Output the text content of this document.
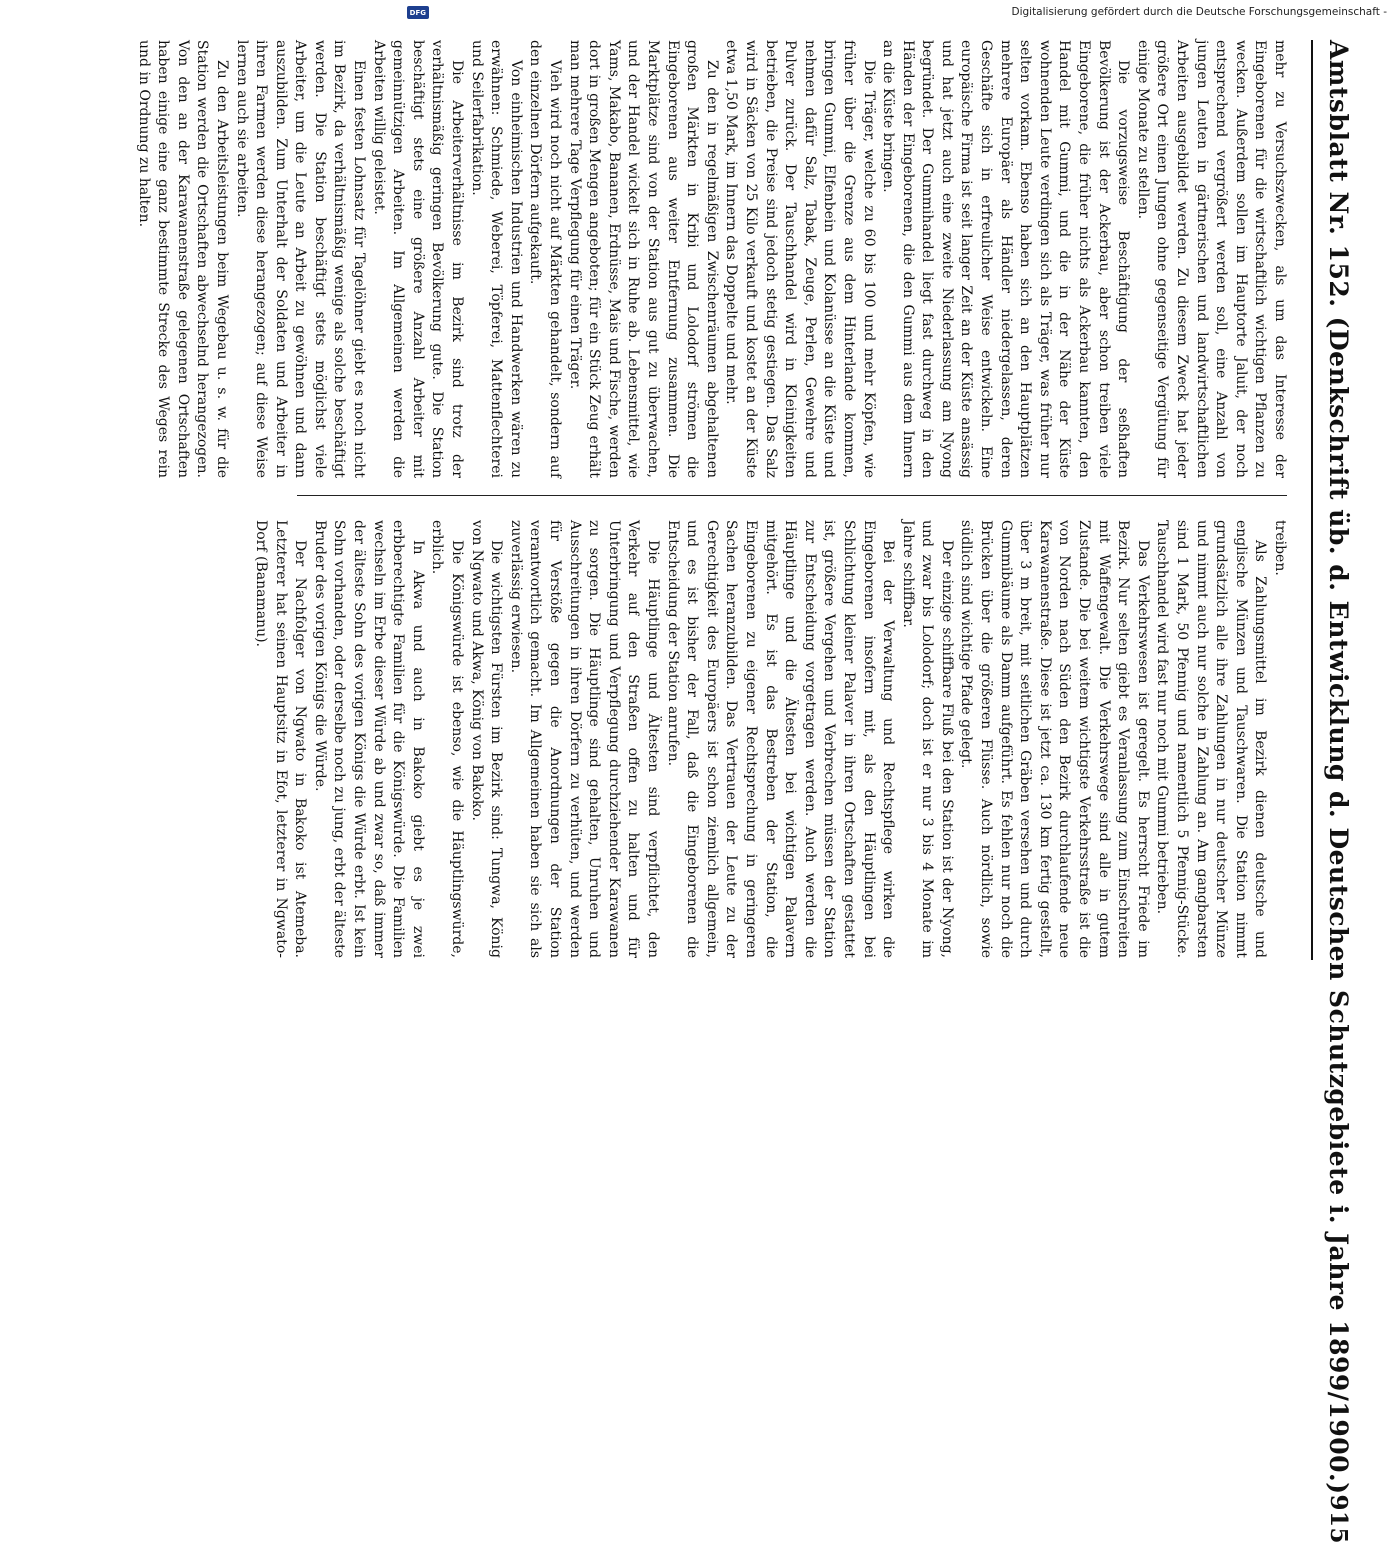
Digitalisierung gefördert durch die Deutsche Forschungsgemeinschaft -
DFG
Amtsblatt Nr. 152. (Denkschrift üb. d. Entwicklung d. Deutschen Schutzgebiete i. Jahre 1899/1900.)
915

mehr zu Versuchszwecken, als um das Interesse der Eingeborenen für die wirtschaftlich wichtigen Pflanzen zu wecken. Außerdem sollen im Hauptorte Jaluit, der noch entsprechend vergrößert werden soll, eine Anzahl von jungen Leuten in gärtnerischen und landwirtschaftlichen Arbeiten ausgebildet werden. Zu diesem Zweck hat jeder größere Ort einen Jungen ohne gegenseitige Vergütung für einige Monate zu stellen.

Die vorzugsweise Beschäftigung der seßhaften Bevölkerung ist der Ackerbau, aber schon treiben viele Eingeborene, die früher nichts als Ackerbau kannten, den Handel mit Gummi, und die in der Nähe der Küste wohnenden Leute verdingen sich als Träger, was früher nur selten vorkam. Ebenso haben sich an den Hauptplätzen mehrere Europäer als Händler niedergelassen, deren Geschäfte sich in erfreulicher Weise entwickeln. Eine europäische Firma ist seit langer Zeit an der Küste ansässig und hat jetzt auch eine zweite Niederlassung am Nyong begründet. Der Gummihandel liegt fast durchweg in den Händen der Eingeborenen, die den Gummi aus dem Innern an die Küste bringen.

Die Träger, welche zu 60 bis 100 und mehr Köpfen, wie früher über die Grenze aus dem Hinterlande kommen, bringen Gummi, Elfenbein und Kolanüsse an die Küste und nehmen dafür Salz, Tabak, Zeuge, Perlen, Gewehre und Pulver zurück. Der Tauschhandel wird in Kleinigkeiten betrieben, die Preise sind jedoch stetig gestiegen. Das Salz wird in Säcken von 25 Kilo verkauft und kostet an der Küste etwa 1,50 Mark, im Innern das Doppelte und mehr.

Zu den in regelmäßigen Zwischenräumen abgehaltenen großen Märkten in Kribi und Lolodorf strömen die Eingeborenen aus weiter Entfernung zusammen. Die Marktplätze sind von der Station aus gut zu überwachen, und der Handel wickelt sich in Ruhe ab. Lebensmittel, wie Yams, Makabo, Bananen, Erdnüsse, Mais und Fische, werden dort in großen Mengen angeboten; für ein Stück Zeug erhält man mehrere Tage Verpflegung für einen Träger.

Vieh wird noch nicht auf Märkten gehandelt, sondern auf den einzelnen Dörfern aufgekauft.

Von einheimischen Industrien und Handwerken wären zu erwähnen: Schmiede, Weberei, Töpferei, Mattenflechterei und Seilerfabrikation.

Die Arbeiterverhältnisse im Bezirk sind trotz der verhältnismäßig geringen Bevölkerung gute. Die Station beschäftigt stets eine größere Anzahl Arbeiter mit gemeinnützigen Arbeiten. Im Allgemeinen werden die Arbeiten willig geleistet.

Einen festen Lohnsatz für Tagelöhner giebt es noch nicht im Bezirk, da verhältnismäßig wenige als solche beschäftigt werden. Die Station beschäftigt stets möglichst viele Arbeiter, um die Leute an Arbeit zu gewöhnen und dann auszubilden. Zum Unterhalt der Soldaten und Arbeiter in ihren Farmen werden diese herangezogen; auf diese Weise lernen auch sie arbeiten.

Zu den Arbeitsleistungen beim Wegebau u. s. w. für die Station werden die Ortschaften abwechselnd herangezogen. Von den an der Karawanenstraße gelegenen Ortschaften haben einige eine ganz bestimmte Strecke des Weges rein und in Ordnung zu halten.

treiben.

Als Zahlungsmittel im Bezirk dienen deutsche und englische Münzen und Tauschwaren. Die Station nimmt grundsätzlich alle ihre Zahlungen in nur deutscher Münze und nimmt auch nur solche in Zahlung an. Am gangbarsten sind 1 Mark, 50 Pfennig und namentlich 5 Pfennig-Stücke. Tauschhandel wird fast nur noch mit Gummi betrieben.

Das Verkehrswesen ist geregelt. Es herrscht Friede im Bezirk. Nur selten giebt es Veranlassung zum Einschreiten mit Waffengewalt. Die Verkehrswege sind alle in gutem Zustande. Die bei weitem wichtigste Verkehrsstraße ist die von Norden nach Süden den Bezirk durchlaufende neue Karawanenstraße. Diese ist jetzt ca. 130 km fertig gestellt, über 3 m breit, mit seitlichen Gräben versehen und durch Gummibäume als Damm aufgeführt. Es fehlen nur noch die Brücken über die größeren Flüsse. Auch nördlich, sowie südlich sind wichtige Pfade gelegt.

Der einzige schiffbare Fluß bei den Station ist der Nyong, und zwar bis Lolodorf; doch ist er nur 3 bis 4 Monate im Jahre schiffbar.

Bei der Verwaltung und Rechtspflege wirken die Eingeborenen insofern mit, als den Häuptlingen bei Schlichtung kleiner Palaver in ihren Ortschaften gestattet ist, größere Vergehen und Verbrechen müssen der Station zur Entscheidung vorgetragen werden. Auch werden die Häuptlinge und die Ältesten bei wichtigen Palavern mitgehört. Es ist das Bestreben der Station, die Eingeborenen zu eigener Rechtsprechung in geringeren Sachen heranzubilden. Das Vertrauen der Leute zu der Gerechtigkeit des Europäers ist schon ziemlich allgemein, und es ist bisher der Fall, daß die Eingeborenen die Entscheidung der Station anrufen.

Die Häuptlinge und Ältesten sind verpflichtet, den Verkehr auf den Straßen offen zu halten und für Unterbringung und Verpflegung durchziehender Karawanen zu sorgen. Die Häuptlinge sind gehalten, Unruhen und Ausschreitungen in ihren Dörfern zu verhüten, und werden für Verstöße gegen die Anordnungen der Station verantwortlich gemacht. Im Allgemeinen haben sie sich als zuverlässig erwiesen.

Die wichtigsten Fürsten im Bezirk sind: Tungwa, König von Ngwato und Akwa, König von Bakoko.

Die Königswürde ist ebenso, wie die Häuptlingswürde, erblich.

In Akwa und auch in Bakoko giebt es je zwei erbberechtigte Familien für die Königswürde. Die Familien wechseln im Erbe dieser Würde ab und zwar so, daß immer der älteste Sohn des vorigen Königs die Würde erbt. Ist kein Sohn vorhanden, oder derselbe noch zu jung, erbt der älteste Bruder des vorigen Königs die Würde.

Der Nachfolger von Ngwato in Bakoko ist Atemeba. Letzterer hat seinen Hauptsitz in Efot, letzterer in Ngwato-Dorf (Banamanu).
